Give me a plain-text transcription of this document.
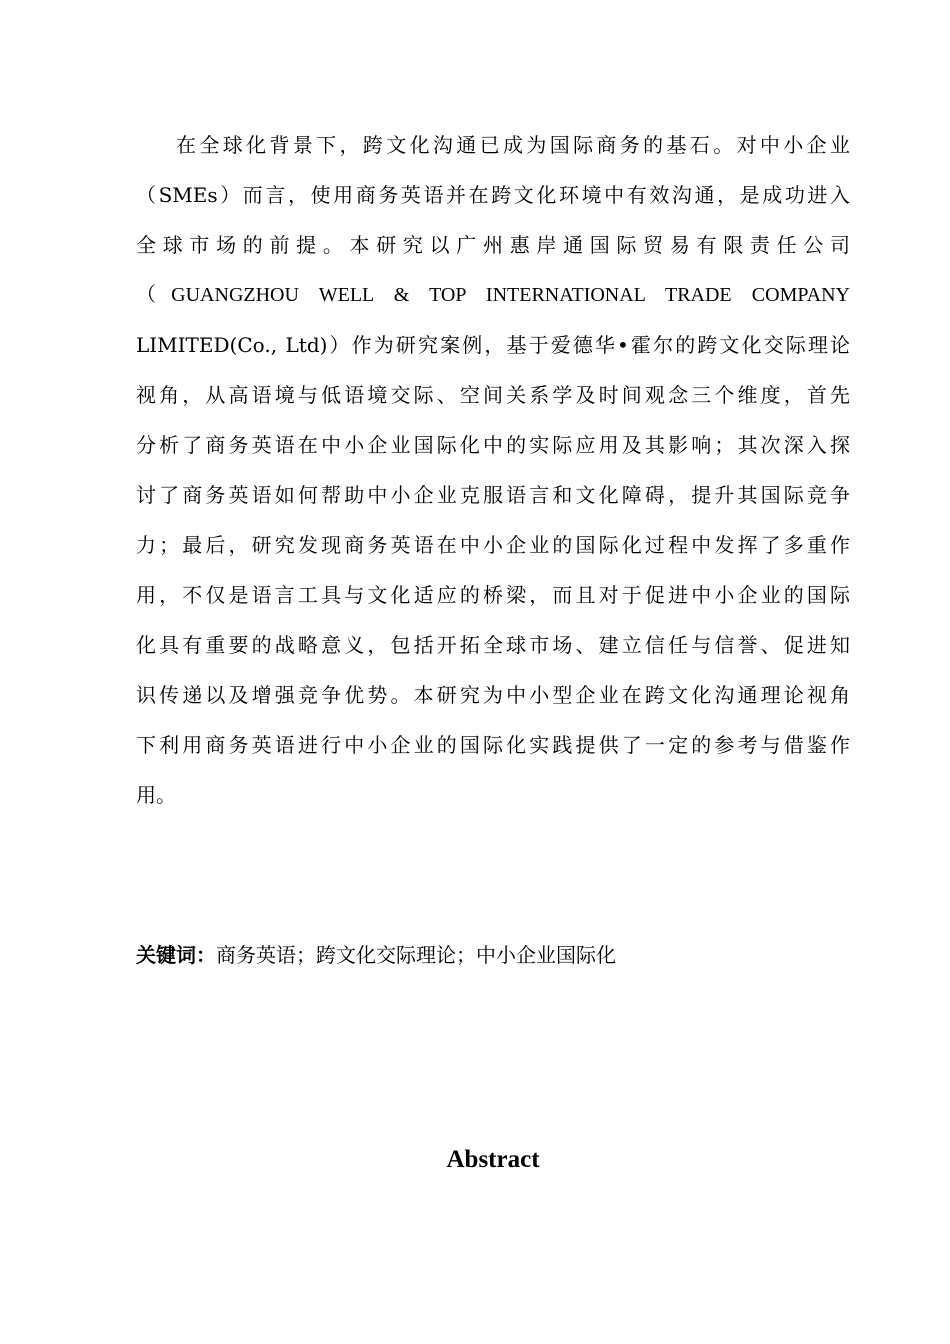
在全球化背景下，跨文化沟通已成为国际商务的基石。对中小企业
（SMEs）而言，使用商务英语并在跨文化环境中有效沟通，是成功进入
全球市场的前提。本研究以广州惠岸通国际贸易有限责任公司
（GUANGZHOU WELL & TOP INTERNATIONAL TRADE COMPANY
LIMITED(Co., Ltd)）作为研究案例，基于爱德华•霍尔的跨文化交际理论
视角，从高语境与低语境交际、空间关系学及时间观念三个维度，首先
分析了商务英语在中小企业国际化中的实际应用及其影响；其次深入探
讨了商务英语如何帮助中小企业克服语言和文化障碍，提升其国际竞争
力；最后，研究发现商务英语在中小企业的国际化过程中发挥了多重作
用，不仅是语言工具与文化适应的桥梁，而且对于促进中小企业的国际
化具有重要的战略意义，包括开拓全球市场、建立信任与信誉、促进知
识传递以及增强竞争优势。本研究为中小型企业在跨文化沟通理论视角
下利用商务英语进行中小企业的国际化实践提供了一定的参考与借鉴作
用。
关键词：商务英语；跨文化交际理论；中小企业国际化
Abstract
